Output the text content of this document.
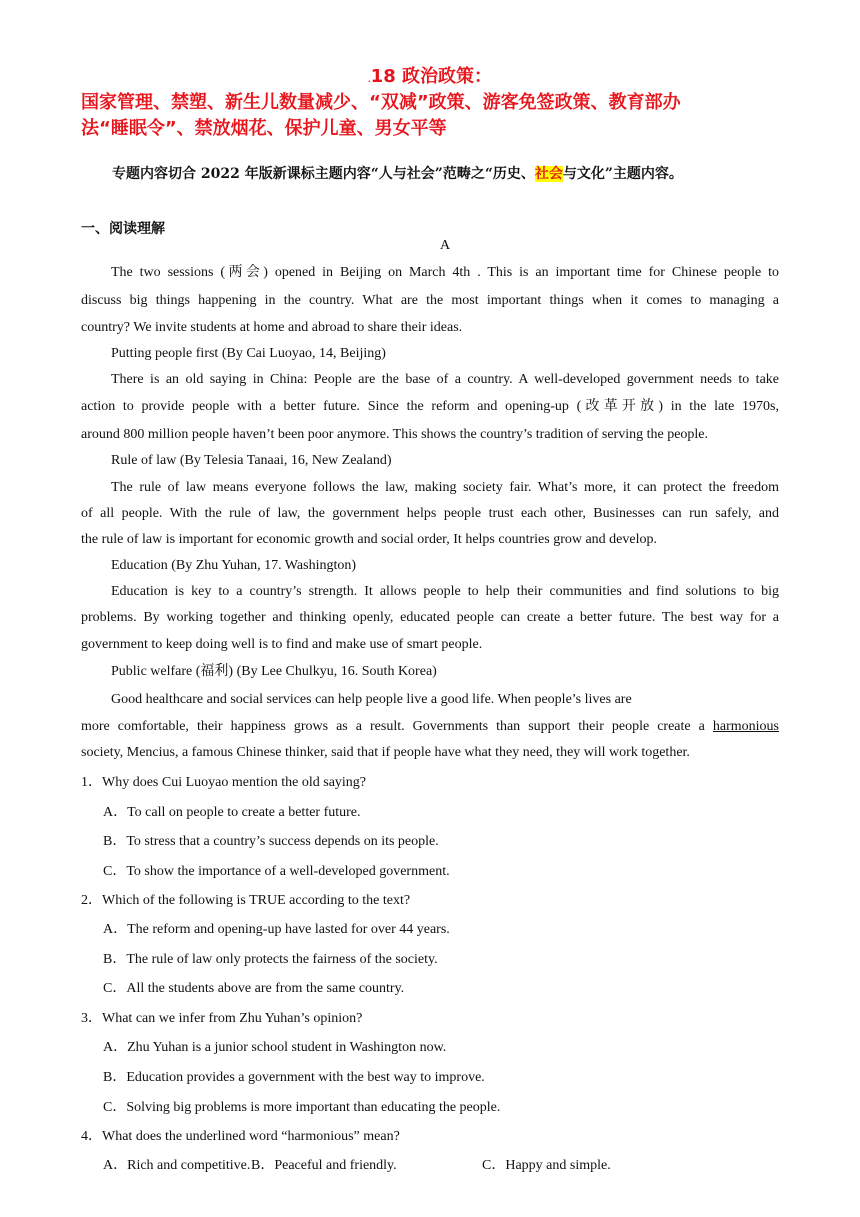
.18 政治政策：
国家管理、禁塑、新生儿数量减少、“双减”政策、游客免签政策、教育部办
法“睡眠令”、禁放烟花、保护儿童、男女平等
专题内容切合 2022 年版新课标主题内容“人与社会”范畴之“历史、社会与文化”主题内容。
一、阅读理解
A
The two sessions (两会) opened in Beijing on March 4th . This is an important time for Chinese people to
discuss big things happening in the country. What are the most important things when it comes to managing a
country? We invite students at home and abroad to share their ideas.
Putting people first (By Cai Luoyao, 14, Beijing)
There is an old saying in China: People are the base of a country. A well-developed government needs to take
action to provide people with a better future. Since the reform and opening-up (改革开放) in the late 1970s,
around 800 million people haven’t been poor anymore. This shows the country’s tradition of serving the people.
Rule of law (By Telesia Tanaai, 16, New Zealand)
The rule of law means everyone follows the law, making society fair. What’s more, it can protect the freedom
of all people. With the rule of law, the government helps people trust each other, Businesses can run safely, and
the rule of law is important for economic growth and social order, It helps countries grow and develop.
Education (By Zhu Yuhan, 17. Washington)
Education is key to a country’s strength. It allows people to help their communities and find solutions to big
problems. By working together and thinking openly, educated people can create a better future. The best way for a
government to keep doing well is to find and make use of smart people.
Public welfare (福利) (By Lee Chulkyu, 16. South Korea)
Good healthcare and social services can help people live a good life. When people’s lives are
more comfortable, their happiness grows as a result. Governments than support their people create a harmonious
society, Mencius, a famous Chinese thinker, said that if people have what they need, they will work together.
1．Why does Cui Luoyao mention the old saying?
A．To call on people to create a better future.
B．To stress that a country’s success depends on its people.
C．To show the importance of a well-developed government.
2．Which of the following is TRUE according to the text?
A．The reform and opening-up have lasted for over 44 years.
B．The rule of law only protects the fairness of the society.
C．All the students above are from the same country.
3．What can we infer from Zhu Yuhan’s opinion?
A．Zhu Yuhan is a junior school student in Washington now.
B．Education provides a government with the best way to improve.
C．Solving big problems is more important than educating the people.
4．What does the underlined word “harmonious” mean?
A．Rich and competitive. B．Peaceful and friendly.	C．Happy and simple.
